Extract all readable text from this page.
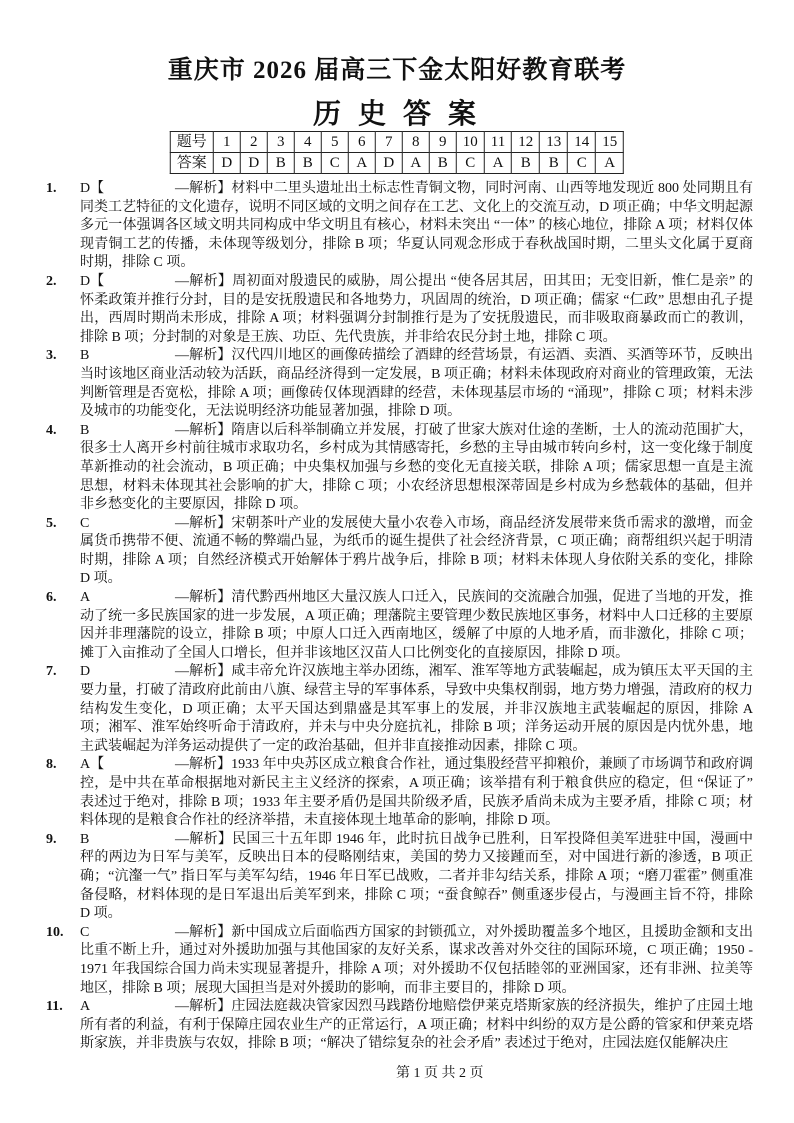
重庆市 2026 届高三下金太阳好教育联考
历 史 答 案
题号	1	2	3	4	5	6	7	8	9	10	11	12	13	14	15
答案	D	D	B	B	C	A	D	A	B	C	A	B	B	C	A
1. D【	—解析】材料中二里头遗址出土标志性青铜文物，同时河南、山西等地发现近 800 处同期且有同类工艺特征的文化遗存，说明不同区域的文明之间存在工艺、文化上的交流互动，D 项正确；中华文明起源多元一体强调各区域文明共同构成中华文明且有核心，材料未突出 “一体” 的核心地位，排除 A 项；材料仅体现青铜工艺的传播，未体现等级划分，排除 B 项；华夏认同观念形成于春秋战国时期，二里头文化属于夏商时期，排除 C 项。
2. D【	—解析】周初面对殷遗民的威胁，周公提出 “使各居其居，田其田；无变旧新，惟仁是亲” 的怀柔政策并推行分封，目的是安抚殷遗民和各地势力，巩固周的统治，D 项正确；儒家 “仁政” 思想由孔子提出，西周时期尚未形成，排除 A 项；材料强调分封制推行是为了安抚殷遗民，而非吸取商暴政而亡的教训，排除 B 项；分封制的对象是王族、功臣、先代贵族，并非给农民分封土地，排除 C 项。
3. B	—解析】汉代四川地区的画像砖描绘了酒肆的经营场景，有运酒、卖酒、买酒等环节，反映出当时该地区商业活动较为活跃，商品经济得到一定发展，B 项正确；材料未体现政府对商业的管理政策，无法判断管理是否宽松，排除 A 项；画像砖仅体现酒肆的经营，未体现基层市场的 “涌现”，排除 C 项；材料未涉及城市的功能变化，无法说明经济功能显著加强，排除 D 项。
4. B	—解析】隋唐以后科举制确立并发展，打破了世家大族对仕途的垄断，士人的流动范围扩大，很多士人离开乡村前往城市求取功名，乡村成为其情感寄托，乡愁的主导由城市转向乡村，这一变化缘于制度革新推动的社会流动，B 项正确；中央集权加强与乡愁的变化无直接关联，排除 A 项；儒家思想一直是主流思想，材料未体现其社会影响的扩大，排除 C 项；小农经济思想根深蒂固是乡村成为乡愁载体的基础，但并非乡愁变化的主要原因，排除 D 项。
5. C	—解析】宋朝茶叶产业的发展使大量小农卷入市场，商品经济发展带来货币需求的激增，而金属货币携带不便、流通不畅的弊端凸显，为纸币的诞生提供了社会经济背景，C 项正确；商帮组织兴起于明清时期，排除 A 项；自然经济模式开始解体于鸦片战争后，排除 B 项；材料未体现人身依附关系的变化，排除 D 项。
6. A	—解析】清代黔西州地区大量汉族人口迁入，民族间的交流融合加强，促进了当地的开发，推动了统一多民族国家的进一步发展，A 项正确；理藩院主要管理少数民族地区事务，材料中人口迁移的主要原因并非理藩院的设立，排除 B 项；中原人口迁入西南地区，缓解了中原的人地矛盾，而非激化，排除 C 项；摊丁入亩推动了全国人口增长，但并非该地区汉苗人口比例变化的直接原因，排除 D 项。
7. D	—解析】咸丰帝允许汉族地主举办团练，湘军、淮军等地方武装崛起，成为镇压太平天国的主要力量，打破了清政府此前由八旗、绿营主导的军事体系，导致中央集权削弱，地方势力增强，清政府的权力结构发生变化，D 项正确；太平天国达到鼎盛是其军事上的发展，并非汉族地主武装崛起的原因，排除 A 项；湘军、淮军始终听命于清政府，并未与中央分庭抗礼，排除 B 项；洋务运动开展的原因是内忧外患，地主武装崛起为洋务运动提供了一定的政治基础，但并非直接推动因素，排除 C 项。
8. A【	—解析】1933 年中央苏区成立粮食合作社，通过集股经营平抑粮价，兼顾了市场调节和政府调控，是中共在革命根据地对新民主主义经济的探索，A 项正确；该举措有利于粮食供应的稳定，但 “保证了” 表述过于绝对，排除 B 项；1933 年主要矛盾仍是国共阶级矛盾，民族矛盾尚未成为主要矛盾，排除 C 项；材料体现的是粮食合作社的经济举措，未直接体现土地革命的影响，排除 D 项。
9. B	—解析】民国三十五年即 1946 年，此时抗日战争已胜利，日军投降但美军进驻中国，漫画中秤的两边为日军与美军，反映出日本的侵略刚结束，美国的势力又接踵而至，对中国进行新的渗透，B 项正确；“沆瀣一气” 指日军与美军勾结，1946 年日军已战败，二者并非勾结关系，排除 A 项；“磨刀霍霍” 侧重准备侵略，材料体现的是日军退出后美军到来，排除 C 项；“蚕食鲸吞” 侧重逐步侵占，与漫画主旨不符，排除 D 项。
10. C	—解析】新中国成立后面临西方国家的封锁孤立，对外援助覆盖多个地区，且援助金额和支出比重不断上升，通过对外援助加强与其他国家的友好关系，谋求改善对外交往的国际环境，C 项正确；1950 - 1971 年我国综合国力尚未实现显著提升，排除 A 项；对外援助不仅包括睦邻的亚洲国家，还有非洲、拉美等地区，排除 B 项；展现大国担当是对外援助的影响，而非主要目的，排除 D 项。
11. A	—解析】庄园法庭裁决管家因烈马践踏份地赔偿伊莱克塔斯家族的经济损失，维护了庄园土地所有者的利益，有利于保障庄园农业生产的正常运行，A 项正确；材料中纠纷的双方是公爵的管家和伊莱克塔斯家族，并非贵族与农奴，排除 B 项；“解决了错综复杂的社会矛盾” 表述过于绝对，庄园法庭仅能解决庄
第 1 页 共 2 页
